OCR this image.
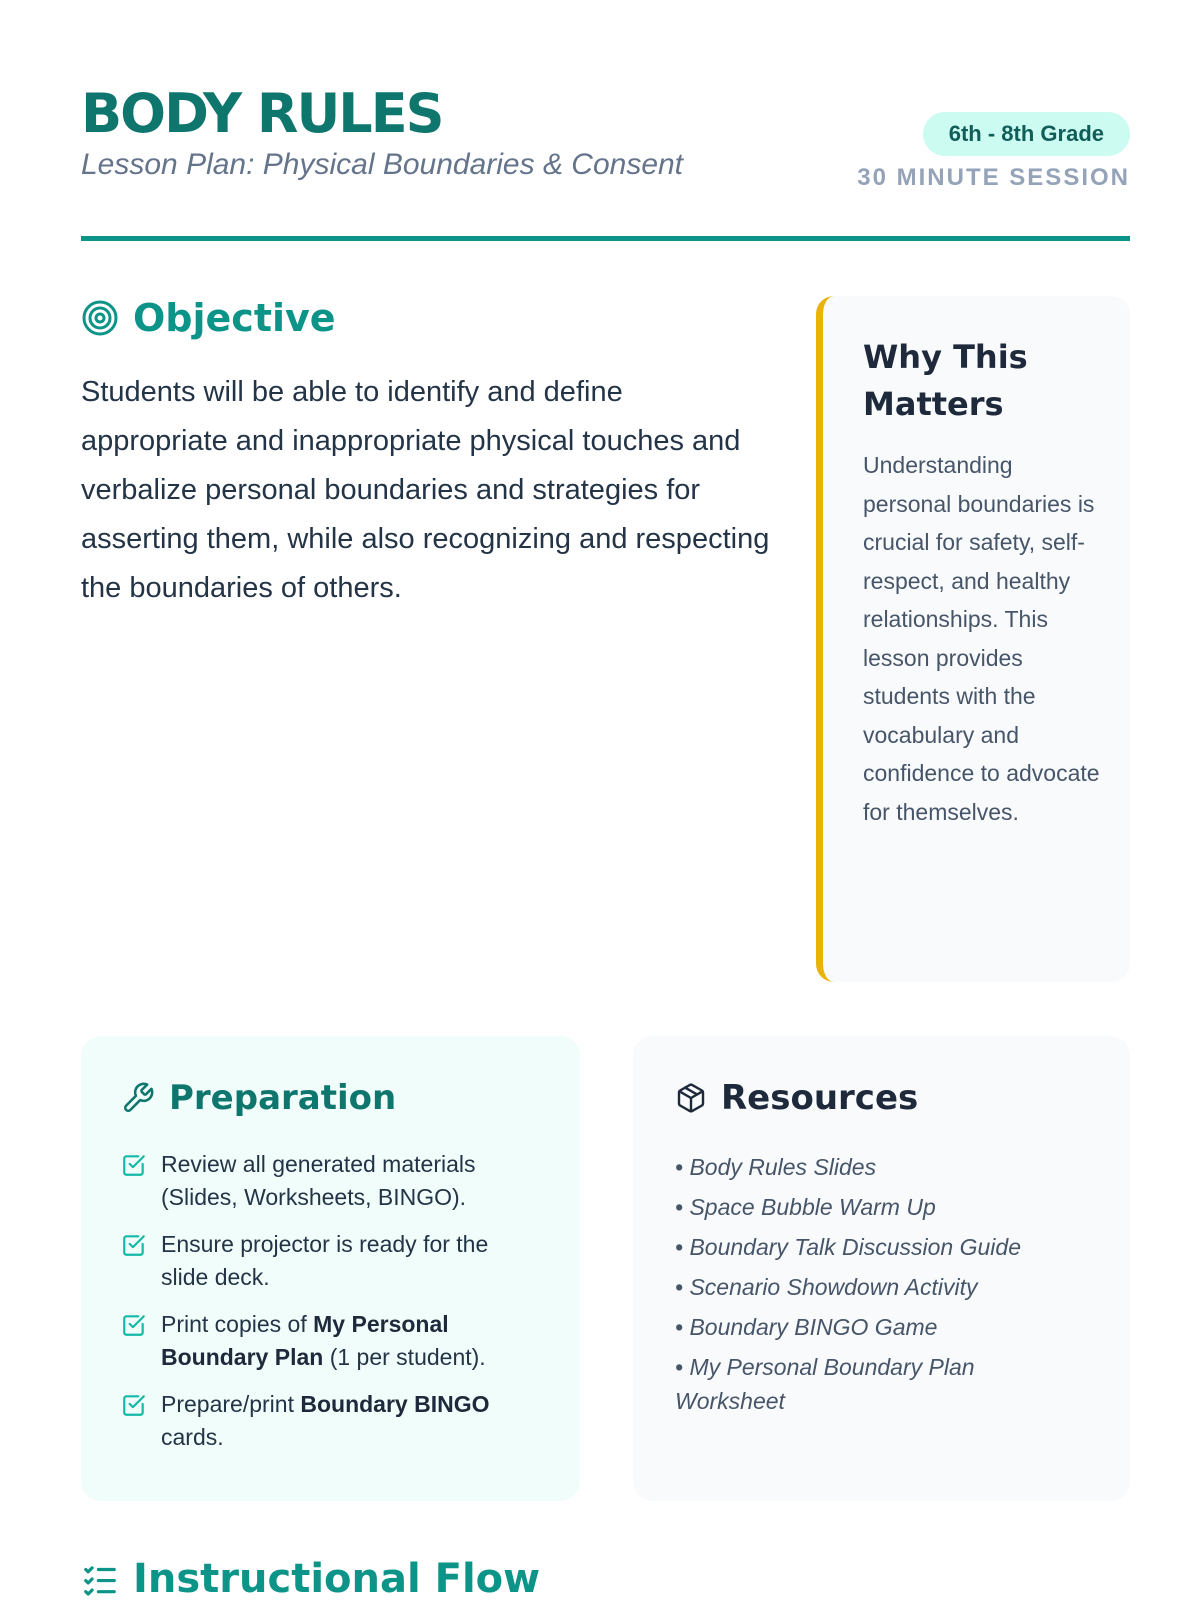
BODY RULES
Lesson Plan: Physical Boundaries & Consent
6th - 8th Grade
30 MINUTE SESSION
Objective
Students will be able to identify and define appropriate and inappropriate physical touches and verbalize personal boundaries and strategies for asserting them, while also recognizing and respecting the boundaries of others.
Why This Matters
Understanding personal boundaries is crucial for safety, self-respect, and healthy relationships. This lesson provides students with the vocabulary and confidence to advocate for themselves.
Preparation
Review all generated materials (Slides, Worksheets, BINGO).
Ensure projector is ready for the slide deck.
Print copies of My Personal Boundary Plan (1 per student).
Prepare/print Boundary BINGO cards.
Resources
• Body Rules Slides
• Space Bubble Warm Up
• Boundary Talk Discussion Guide
• Scenario Showdown Activity
• Boundary BINGO Game
• My Personal Boundary Plan Worksheet
Instructional Flow
